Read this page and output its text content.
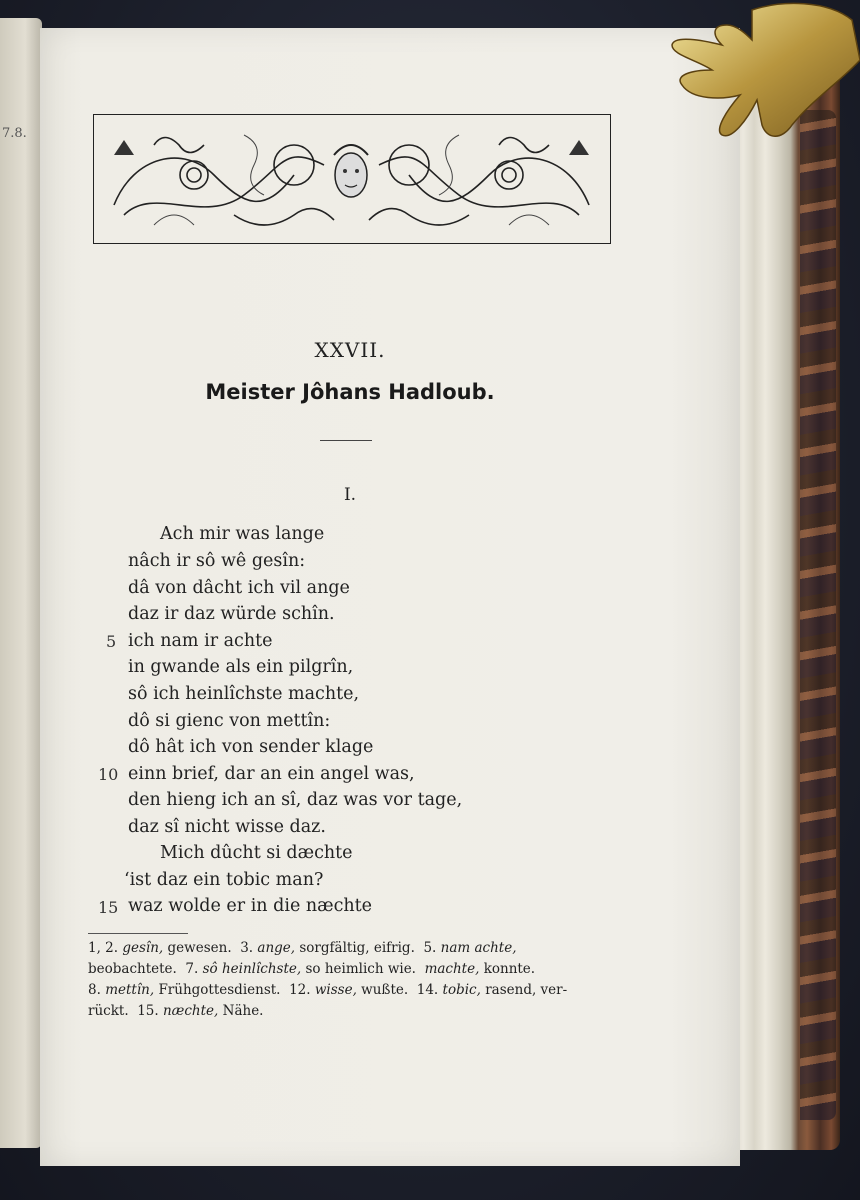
7.8.
XXVII.
Meister Jôhans Hadloub.
I.
Ach mir was lange
nâch ir sô wê gesîn:
dâ von dâcht ich vil ange
daz ir daz würde schîn.
5 ich nam ir achte
in gwande als ein pilgrîn,
sô ich heinlîchste machte,
dô si gienc von mettîn:
dô hât ich von sender klage
10 einn brief, dar an ein angel was,
den hieng ich an sî, daz was vor tage,
daz sî nicht wisse daz.
Mich dûcht si dæchte
‘ist daz ein tobic man?
15 waz wolde er in die næchte
1, 2. gesîn, gewesen. 3. ange, sorgfältig, eifrig. 5. nam achte,
beobachtete. 7. sô heinlîchste, so heimlich wie. machte, konnte.
8. mettîn, Frühgottesdienst. 12. wisse, wußte. 14. tobic, rasend, ver-
rückt. 15. næchte, Nähe.
